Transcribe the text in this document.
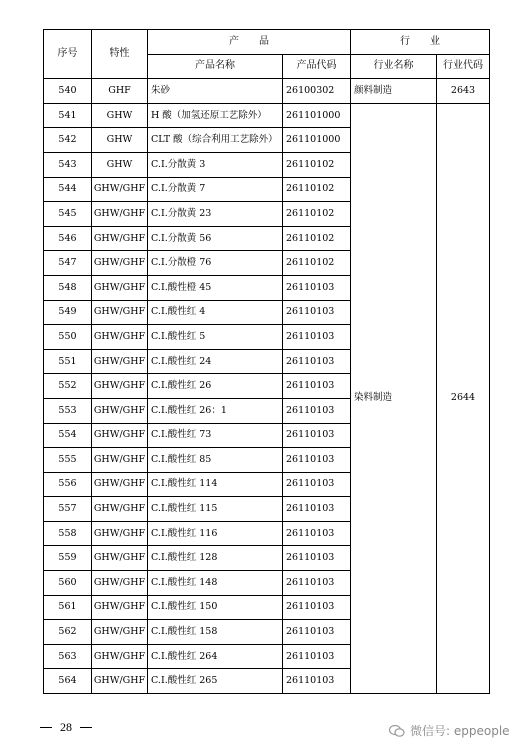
序号	特性	产　　品		行　　业	
		产品名称	产品代码	行业名称	行业代码
540	GHF	朱砂	26100302	颜料制造	2643
541	GHW	H 酸（加氢还原工艺除外）	261101000	染料制造	2644
542	GHW	CLT 酸（综合利用工艺除外）	261101000		
543	GHW	C.I.分散黄 3	26110102		
544	GHW/GHF	C.I.分散黄 7	26110102		
545	GHW/GHF	C.I.分散黄 23	26110102		
546	GHW/GHF	C.I.分散黄 56	26110102		
547	GHW/GHF	C.I.分散橙 76	26110102		
548	GHW/GHF	C.I.酸性橙 45	26110103		
549	GHW/GHF	C.I.酸性红 4	26110103		
550	GHW/GHF	C.I.酸性红 5	26110103		
551	GHW/GHF	C.I.酸性红 24	26110103		
552	GHW/GHF	C.I.酸性红 26	26110103		
553	GHW/GHF	C.I.酸性红 26：1	26110103		
554	GHW/GHF	C.I.酸性红 73	26110103		
555	GHW/GHF	C.I.酸性红 85	26110103		
556	GHW/GHF	C.I.酸性红 114	26110103		
557	GHW/GHF	C.I.酸性红 115	26110103		
558	GHW/GHF	C.I.酸性红 116	26110103		
559	GHW/GHF	C.I.酸性红 128	26110103		
560	GHW/GHF	C.I.酸性红 148	26110103		
561	GHW/GHF	C.I.酸性红 150	26110103		
562	GHW/GHF	C.I.酸性红 158	26110103		
563	GHW/GHF	C.I.酸性红 264	26110103		
564	GHW/GHF	C.I.酸性红 265	26110103		
28	微信号: eppeople
